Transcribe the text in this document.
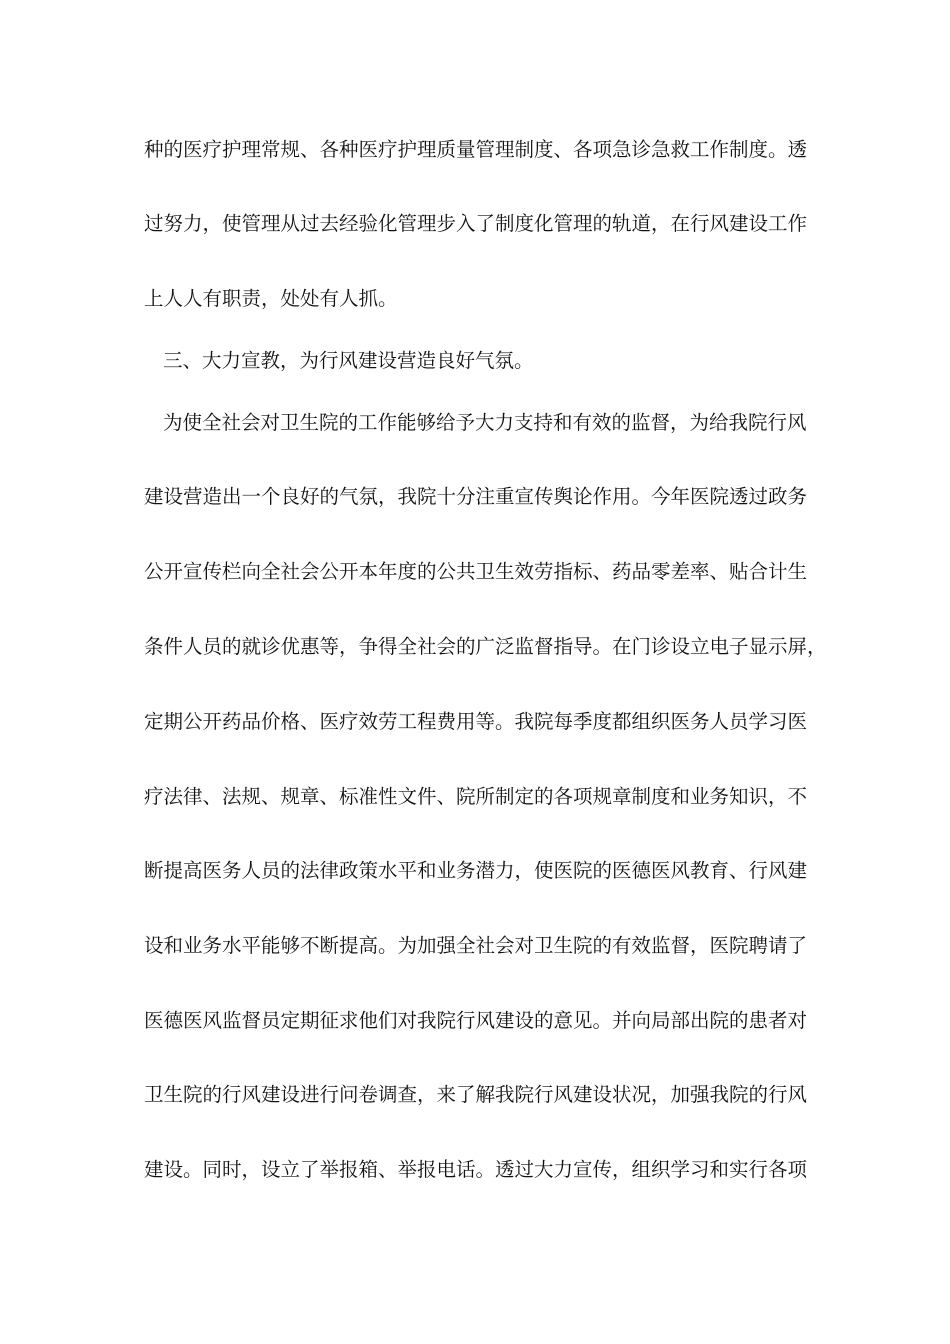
种的医疗护理常规、各种医疗护理质量管理制度、各项急诊急救工作制度。透
过努力，使管理从过去经验化管理步入了制度化管理的轨道，在行风建设工作
上人人有职责，处处有人抓。
三、大力宣教，为行风建设营造良好气氛。
为使全社会对卫生院的工作能够给予大力支持和有效的监督，为给我院行风
建设营造出一个良好的气氛，我院十分注重宣传舆论作用。今年医院透过政务
公开宣传栏向全社会公开本年度的公共卫生效劳指标、药品零差率、贴合计生
条件人员的就诊优惠等，争得全社会的广泛监督指导。在门诊设立电子显示屏，
定期公开药品价格、医疗效劳工程费用等。我院每季度都组织医务人员学习医
疗法律、法规、规章、标准性文件、院所制定的各项规章制度和业务知识，不
断提高医务人员的法律政策水平和业务潜力，使医院的医德医风教育、行风建
设和业务水平能够不断提高。为加强全社会对卫生院的有效监督，医院聘请了
医德医风监督员定期征求他们对我院行风建设的意见。并向局部出院的患者对
卫生院的行风建设进行问卷调查，来了解我院行风建设状况，加强我院的行风
建设。同时，设立了举报箱、举报电话。透过大力宣传，组织学习和实行各项
